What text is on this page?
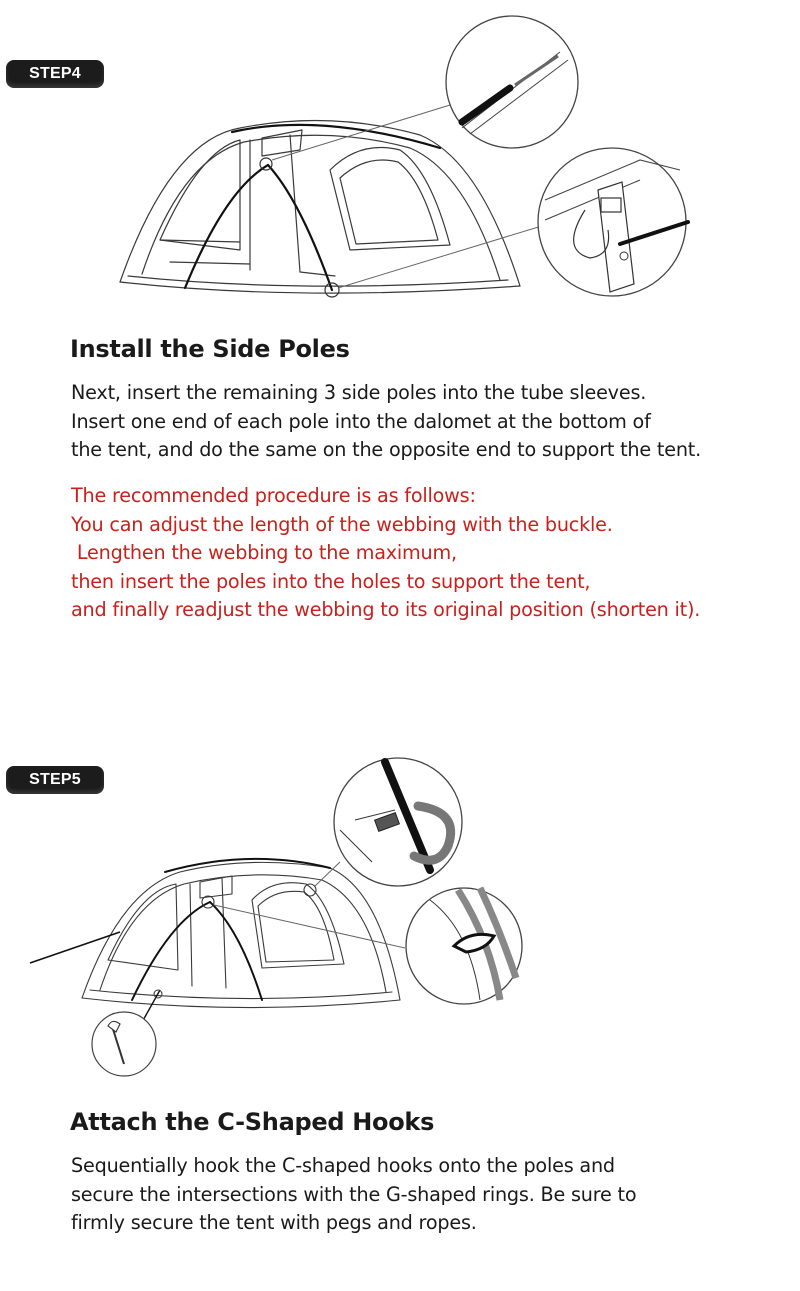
STEP4
Install the Side Poles
Next, insert the remaining 3 side poles into the tube sleeves.
Insert one end of each pole into the dalomet at the bottom of
the tent, and do the same on the opposite end to support the tent.
The recommended procedure is as follows:
You can adjust the length of the webbing with the buckle.
Lengthen the webbing to the maximum,
then insert the poles into the holes to support the tent,
and finally readjust the webbing to its original position (shorten it).
STEP5
Attach the C-Shaped Hooks
Sequentially hook the C-shaped hooks onto the poles and
secure the intersections with the G-shaped rings. Be sure to
firmly secure the tent with pegs and ropes.
